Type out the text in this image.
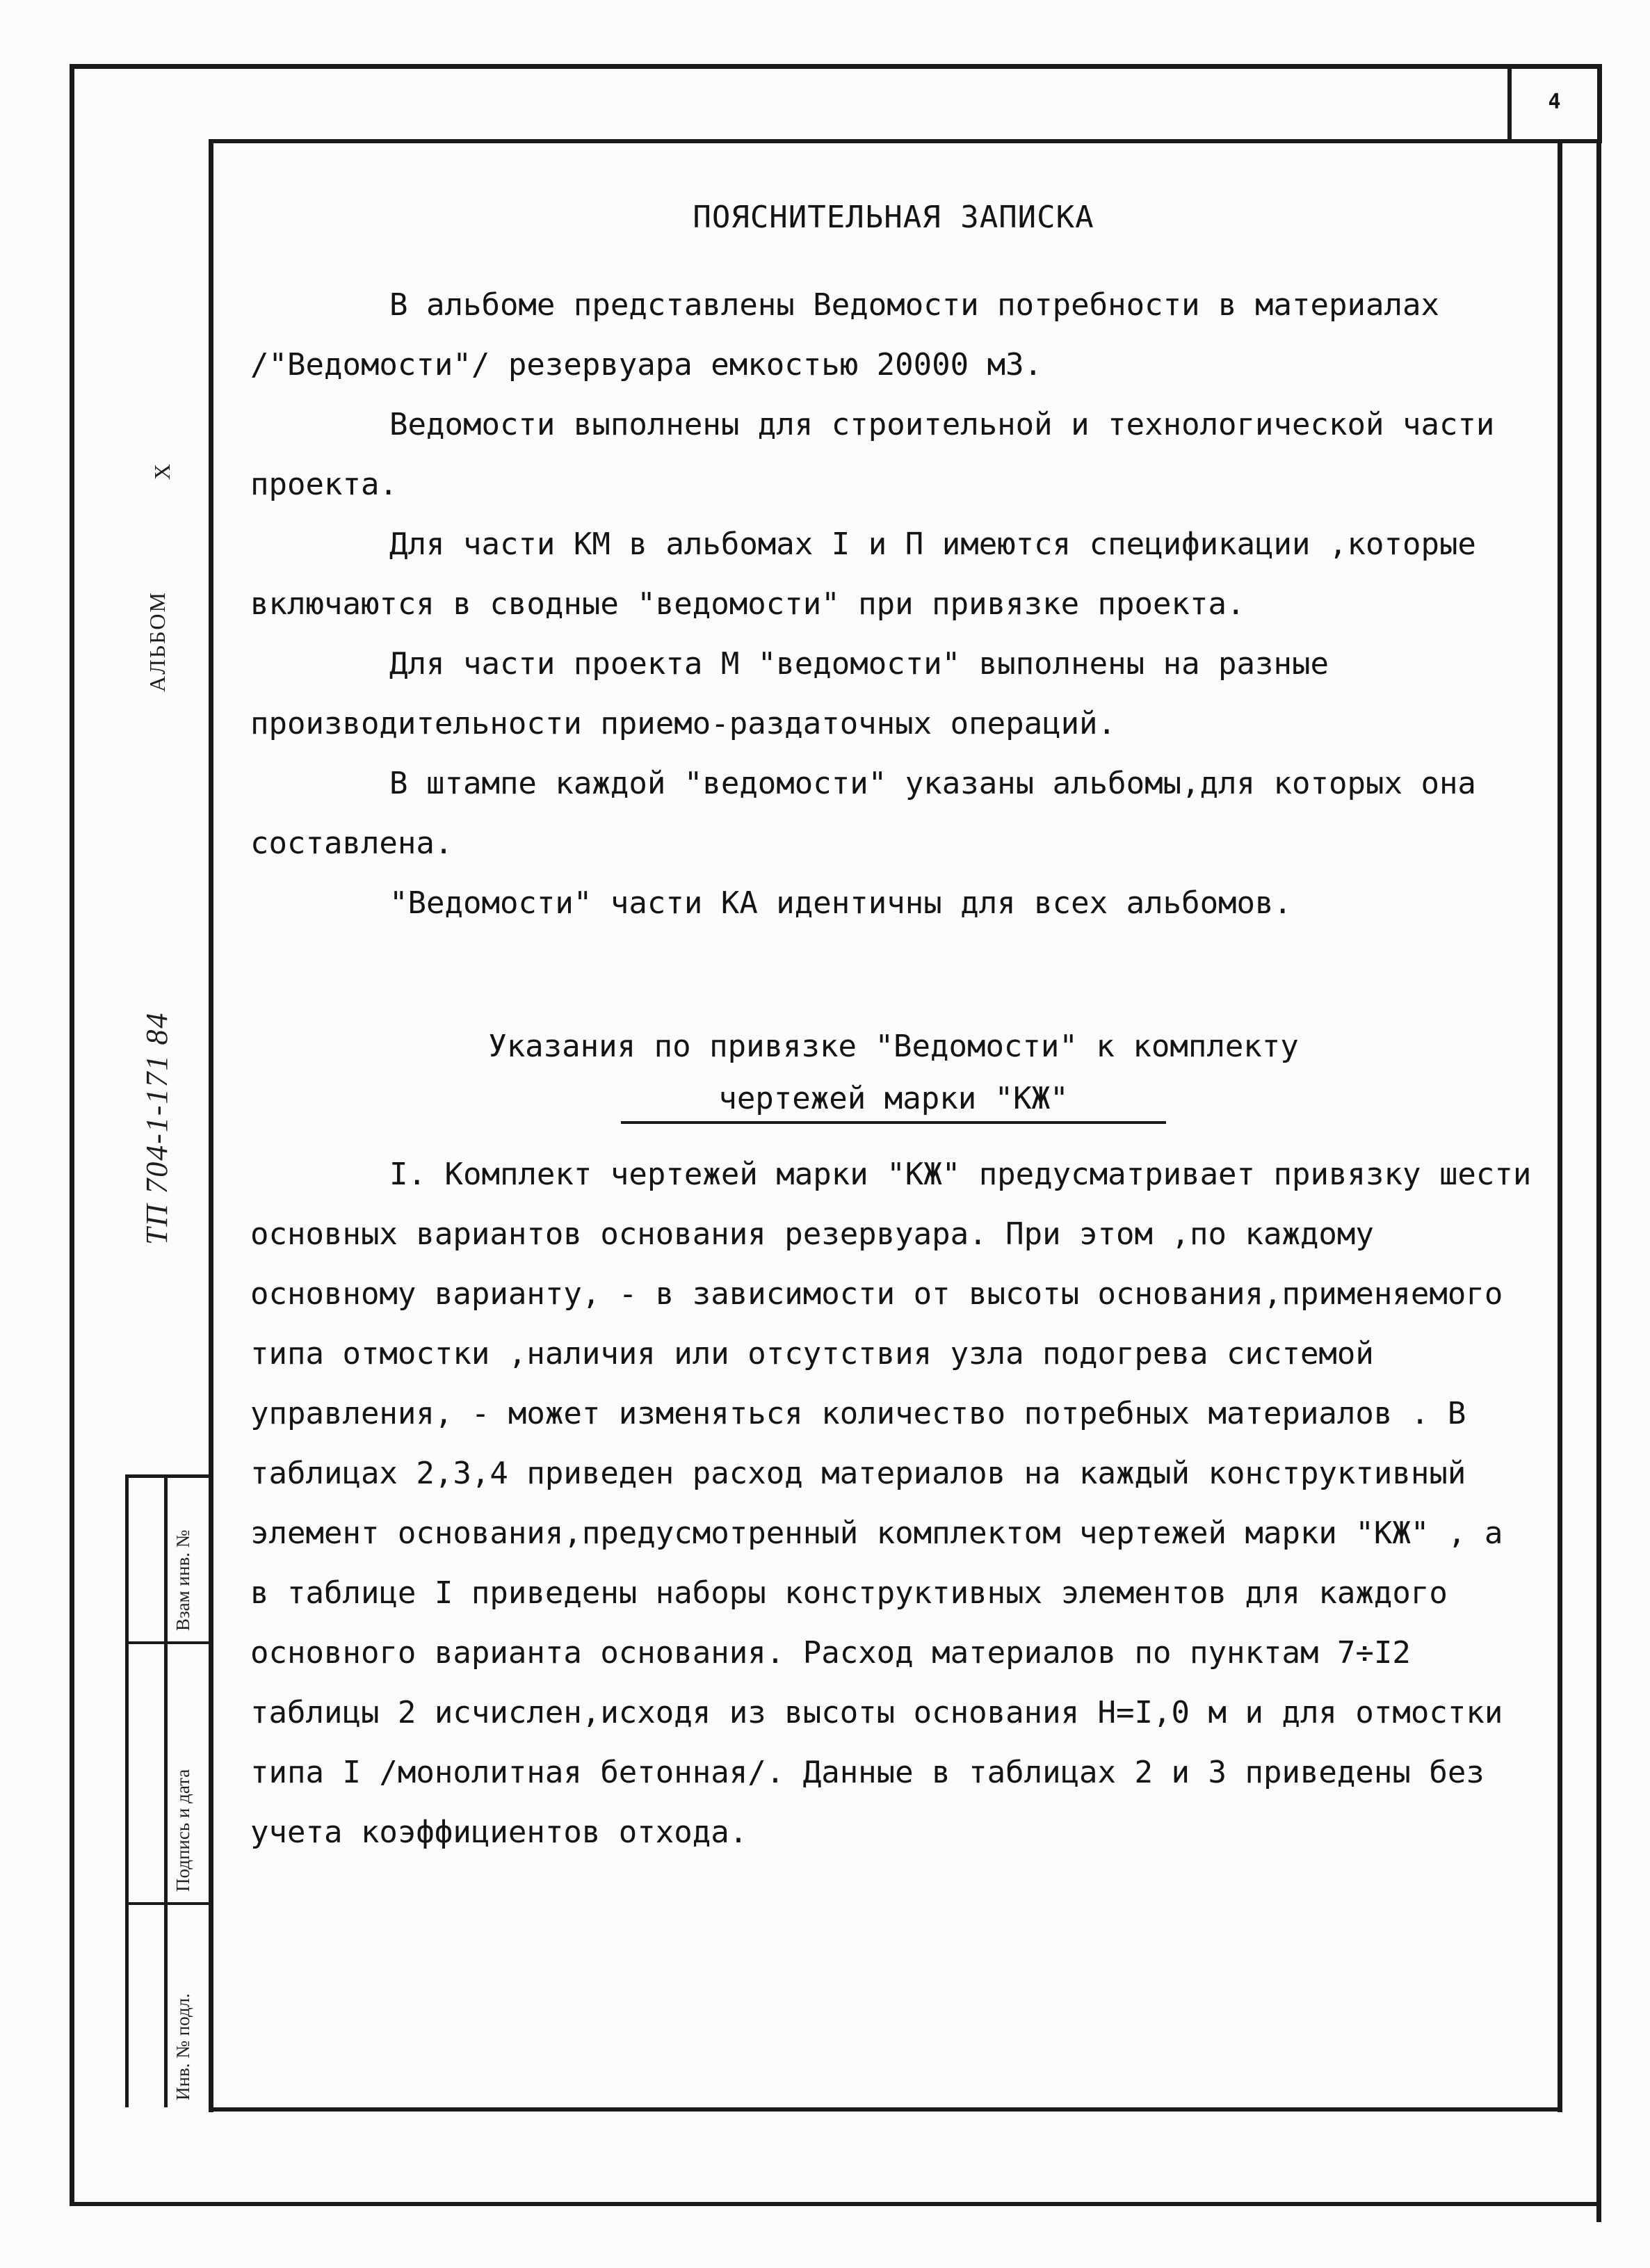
4
X
АЛЬБОМ
ТП 704-1-171 84
Взам инв. №
Подпись и дата
Инв. № подл.

ПОЯСНИТЕЛЬНАЯ ЗАПИСКА

В альбоме представлены Ведомости потребности в материалах /"Ведомости"/ резервуара емкостью 20000 м3.

Ведомости выполнены для строительной и технологической части проекта.

Для части КМ в альбомах I и П имеются спецификации ,которые включаются в сводные "ведомости" при привязке проекта.

Для части проекта М "ведомости" выполнены на разные производительности приемо-раздаточных операций.

В штампе каждой "ведомости" указаны альбомы,для которых она составлена.

"Ведомости" части КА идентичны для всех альбомов.

Указания по привязке "Ведомости" к комплекту

чертежей марки "КЖ"

I. Комплект чертежей марки "КЖ" предусматривает привязку шести основных вариантов основания резервуара. При этом ,по каждому основному варианту, - в зависимости от высоты основания,применяемого типа отмостки ,наличия или отсутствия узла подогрева системой управления, - может изменяться количество потребных материалов . В таблицах 2,3,4 приведен расход материалов на каждый конструктивный элемент основания,предусмотренный комплектом чертежей марки "КЖ" , а в таблице I приведены наборы конструктивных элементов для каждого основного варианта основания. Расход материалов по пунктам 7÷I2 таблицы 2 исчислен,исходя из высоты основания Н=I,0 м и для отмостки типа I /монолитная бетонная/. Данные в таблицах 2 и 3 приведены без учета коэффициентов отхода.
